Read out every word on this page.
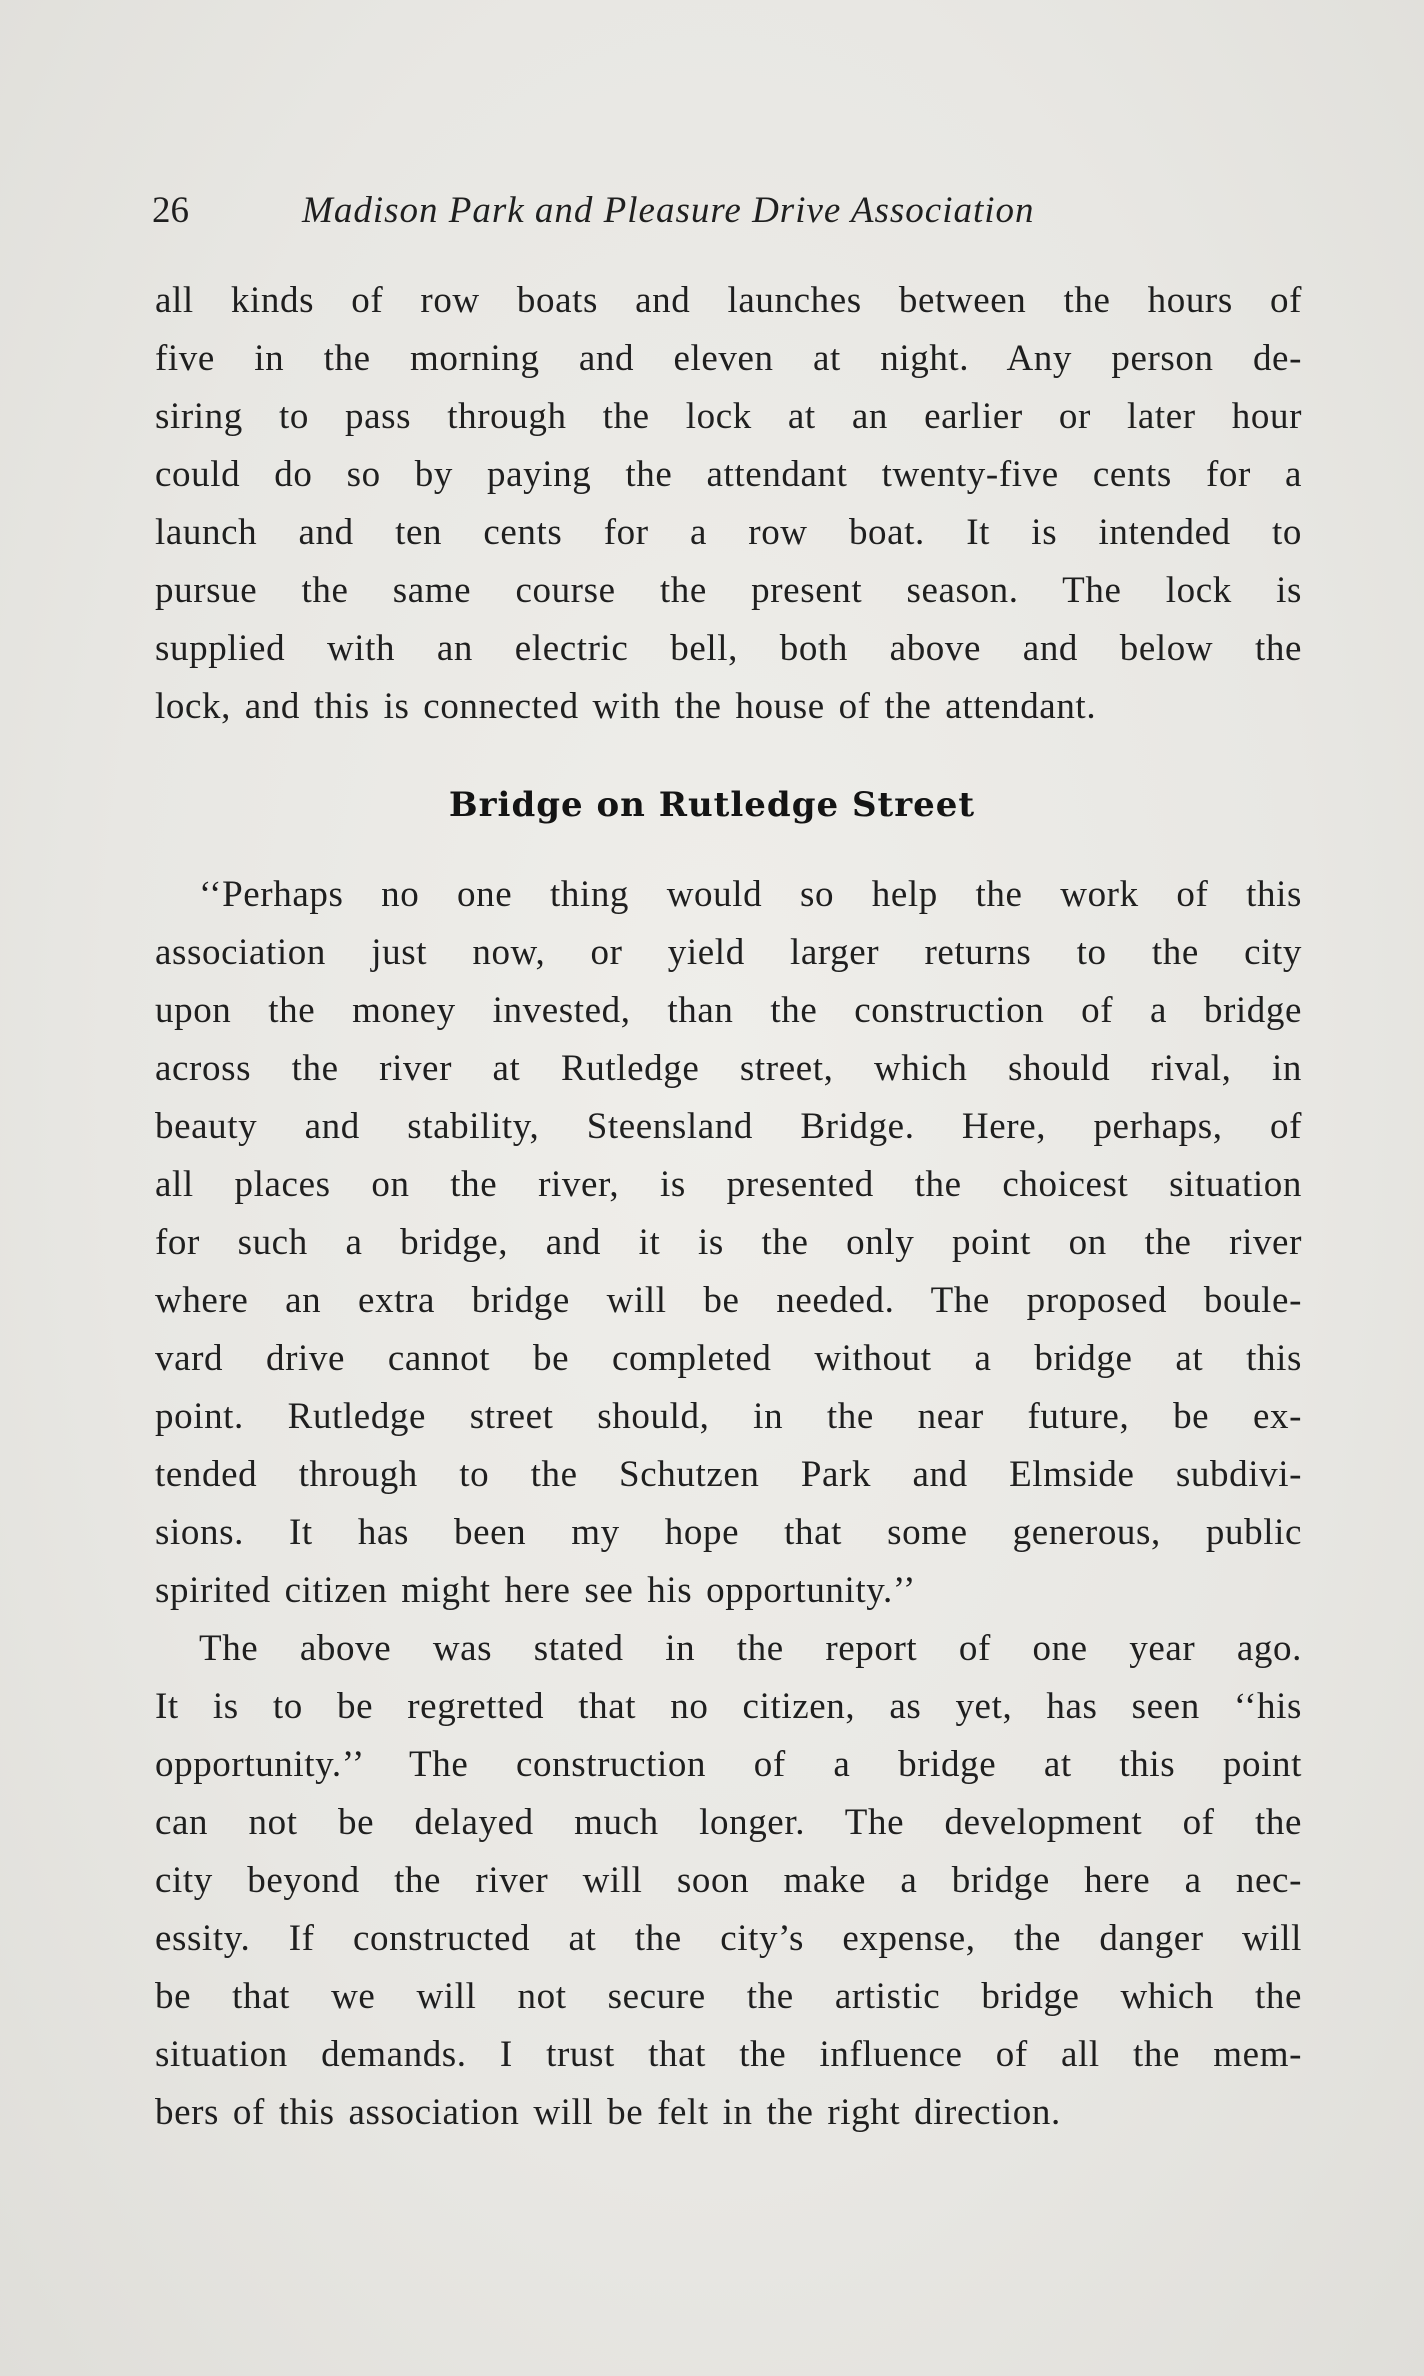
26	Madison Park and Pleasure Drive Association
all kinds of row boats and launches between the hours of
five in the morning and eleven at night. Any person de-
siring to pass through the lock at an earlier or later hour
could do so by paying the attendant twenty-five cents for a
launch and ten cents for a row boat. It is intended to
pursue the same course the present season. The lock is
supplied with an electric bell, both above and below the
lock, and this is connected with the house of the attendant.
Bridge on Rutledge Street
‘‘Perhaps no one thing would so help the work of this
association just now, or yield larger returns to the city
upon the money invested, than the construction of a bridge
across the river at Rutledge street, which should rival, in
beauty and stability, Steensland Bridge. Here, perhaps, of
all places on the river, is presented the choicest situation
for such a bridge, and it is the only point on the river
where an extra bridge will be needed. The proposed boule-
vard drive cannot be completed without a bridge at this
point. Rutledge street should, in the near future, be ex-
tended through to the Schutzen Park and Elmside subdivi-
sions. It has been my hope that some generous, public
spirited citizen might here see his opportunity.’’
The above was stated in the report of one year ago.
It is to be regretted that no citizen, as yet, has seen ‘‘his
opportunity.’’ The construction of a bridge at this point
can not be delayed much longer. The development of the
city beyond the river will soon make a bridge here a nec-
essity. If constructed at the city’s expense, the danger will
be that we will not secure the artistic bridge which the
situation demands. I trust that the influence of all the mem-
bers of this association will be felt in the right direction.
